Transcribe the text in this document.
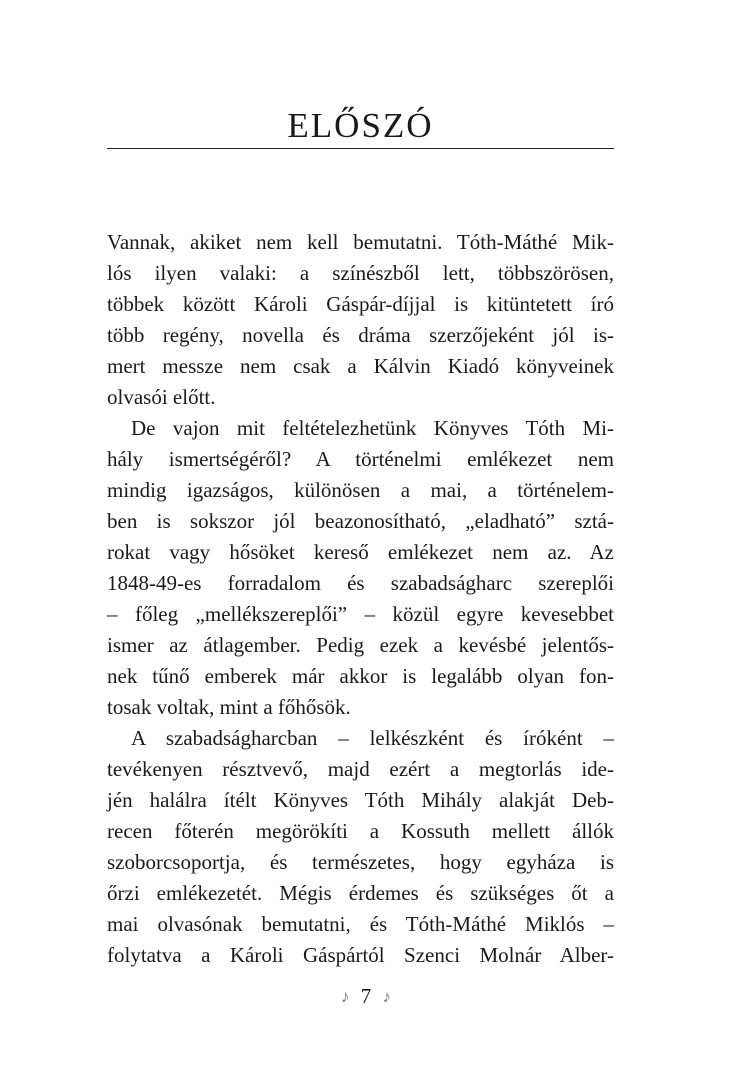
ELŐSZÓ

Vannak, akiket nem kell bemutatni. Tóth-Máthé Mik-
lós ilyen valaki: a színészből lett, többszörösen,
többek között Károli Gáspár-díjjal is kitüntetett író
több regény, novella és dráma szerzőjeként jól is-
mert messze nem csak a Kálvin Kiadó könyveinek
olvasói előtt.

De vajon mit feltételezhetünk Könyves Tóth Mi-
hály ismertségéről? A történelmi emlékezet nem
mindig igazságos, különösen a mai, a történelem-
ben is sokszor jól beazonosítható, „eladható” sztá-
rokat vagy hősöket kereső emlékezet nem az. Az
1848-49-es forradalom és szabadságharc szereplői
– főleg „mellékszereplői” – közül egyre kevesebbet
ismer az átlagember. Pedig ezek a kevésbé jelentős-
nek tűnő emberek már akkor is legalább olyan fon-
tosak voltak, mint a főhősök.

A szabadságharcban – lelkészként és íróként –
tevékenyen résztvevő, majd ezért a megtorlás ide-
jén halálra ítélt Könyves Tóth Mihály alakját Deb-
recen főterén megörökíti a Kossuth mellett állók
szoborcsoportja, és természetes, hogy egyháza is
őrzi emlékezetét. Mégis érdemes és szükséges őt a
mai olvasónak bemutatni, és Tóth-Máthé Miklós –
folytatva a Károli Gáspártól Szenci Molnár Alber-

♪ 7 ♪
